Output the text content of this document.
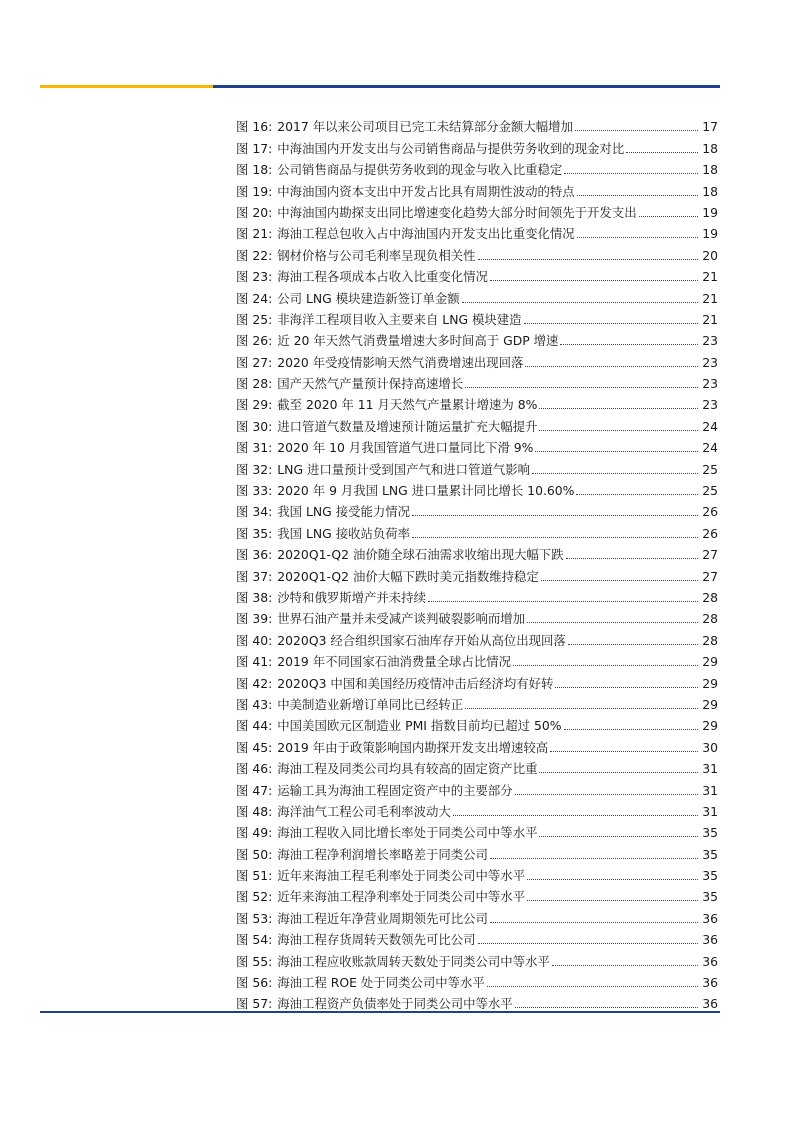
图 16: 2017 年以来公司项目已完工未结算部分金额大幅增加	17
图 17: 中海油国内开发支出与公司销售商品与提供劳务收到的现金对比	18
图 18: 公司销售商品与提供劳务收到的现金与收入比重稳定	18
图 19: 中海油国内资本支出中开发占比具有周期性波动的特点	18
图 20: 中海油国内勘探支出同比增速变化趋势大部分时间领先于开发支出	19
图 21: 海油工程总包收入占中海油国内开发支出比重变化情况	19
图 22: 钢材价格与公司毛利率呈现负相关性	20
图 23: 海油工程各项成本占收入比重变化情况	21
图 24: 公司 LNG 模块建造新签订单金额	21
图 25: 非海洋工程项目收入主要来自 LNG 模块建造	21
图 26: 近 20 年天然气消费量增速大多时间高于 GDP 增速	23
图 27: 2020 年受疫情影响天然气消费增速出现回落	23
图 28: 国产天然气产量预计保持高速增长	23
图 29: 截至 2020 年 11 月天然气产量累计增速为 8%	23
图 30: 进口管道气数量及增速预计随运量扩充大幅提升	24
图 31: 2020 年 10 月我国管道气进口量同比下滑 9%	24
图 32: LNG 进口量预计受到国产气和进口管道气影响	25
图 33: 2020 年 9 月我国 LNG 进口量累计同比增长 10.60%	25
图 34: 我国 LNG 接受能力情况	26
图 35: 我国 LNG 接收站负荷率	26
图 36: 2020Q1-Q2 油价随全球石油需求收缩出现大幅下跌	27
图 37: 2020Q1-Q2 油价大幅下跌时美元指数维持稳定	27
图 38: 沙特和俄罗斯增产并未持续	28
图 39: 世界石油产量并未受减产谈判破裂影响而增加	28
图 40: 2020Q3 经合组织国家石油库存开始从高位出现回落	28
图 41: 2019 年不同国家石油消费量全球占比情况	29
图 42: 2020Q3 中国和美国经历疫情冲击后经济均有好转	29
图 43: 中美制造业新增订单同比已经转正	29
图 44: 中国美国欧元区制造业 PMI 指数目前均已超过 50%	29
图 45: 2019 年由于政策影响国内勘探开发支出增速较高	30
图 46: 海油工程及同类公司均具有较高的固定资产比重	31
图 47: 运输工具为海油工程固定资产中的主要部分	31
图 48: 海洋油气工程公司毛利率波动大	31
图 49: 海油工程收入同比增长率处于同类公司中等水平	35
图 50: 海油工程净利润增长率略差于同类公司	35
图 51: 近年来海油工程毛利率处于同类公司中等水平	35
图 52: 近年来海油工程净利率处于同类公司中等水平	35
图 53: 海油工程近年净营业周期领先可比公司	36
图 54: 海油工程存货周转天数领先可比公司	36
图 55: 海油工程应收账款周转天数处于同类公司中等水平	36
图 56: 海油工程 ROE 处于同类公司中等水平	36
图 57: 海油工程资产负债率处于同类公司中等水平	36
